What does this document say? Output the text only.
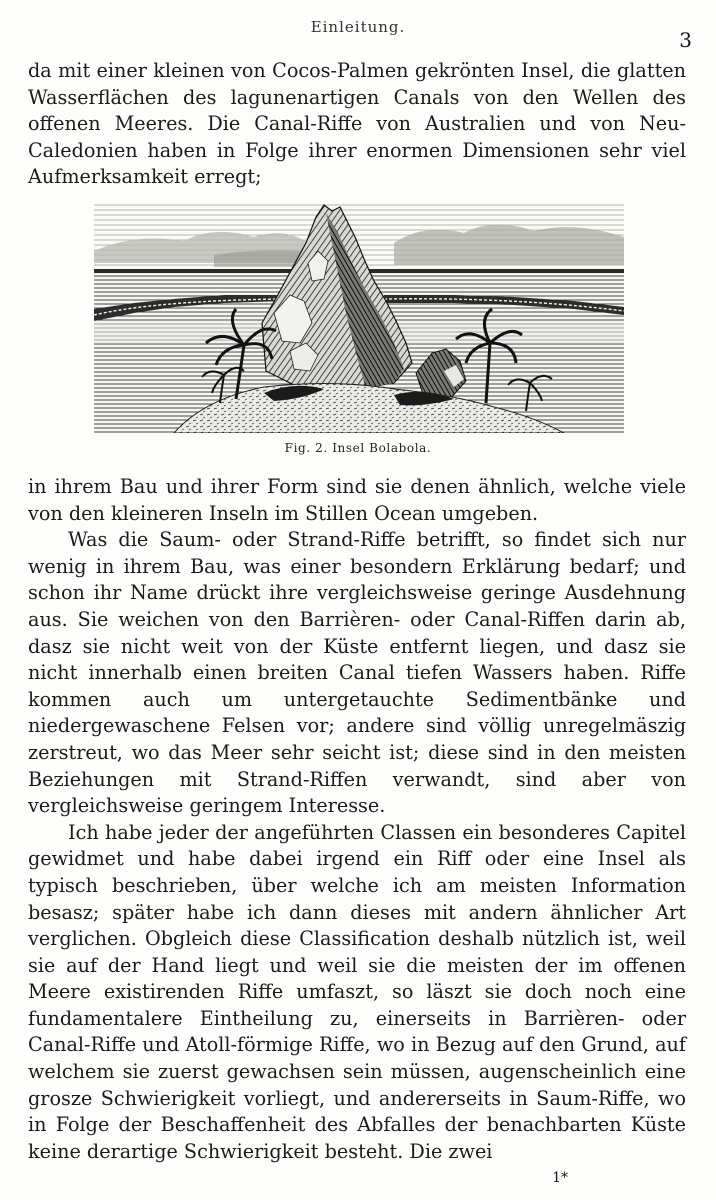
Einleitung.
3

da mit einer kleinen von Cocos-Palmen gekrönten Insel, die glatten Wasserflächen des lagunenartigen Canals von den Wellen des offenen Meeres. Die Canal-Riffe von Australien und von Neu-Caledonien haben in Folge ihrer enormen Dimensionen sehr viel Aufmerksamkeit erregt;

Fig. 2. Insel Bolabola.

in ihrem Bau und ihrer Form sind sie denen ähnlich, welche viele von den kleineren Inseln im Stillen Ocean umgeben.

Was die Saum- oder Strand-Riffe betrifft, so findet sich nur wenig in ihrem Bau, was einer besondern Erklärung bedarf; und schon ihr Name drückt ihre vergleichsweise geringe Ausdehnung aus. Sie weichen von den Barrièren- oder Canal-Riffen darin ab, dasz sie nicht weit von der Küste entfernt liegen, und dasz sie nicht innerhalb einen breiten Canal tiefen Wassers haben. Riffe kommen auch um untergetauchte Sedimentbänke und niedergewaschene Felsen vor; andere sind völlig unregelmäszig zerstreut, wo das Meer sehr seicht ist; diese sind in den meisten Beziehungen mit Strand-Riffen verwandt, sind aber von vergleichsweise geringem Interesse.

Ich habe jeder der angeführten Classen ein besonderes Capitel gewidmet und habe dabei irgend ein Riff oder eine Insel als typisch beschrieben, über welche ich am meisten Information besasz; später habe ich dann dieses mit andern ähnlicher Art verglichen. Obgleich diese Classification deshalb nützlich ist, weil sie auf der Hand liegt und weil sie die meisten der im offenen Meere existirenden Riffe umfaszt, so läszt sie doch noch eine fundamentalere Eintheilung zu, einerseits in Barrièren- oder Canal-Riffe und Atoll-förmige Riffe, wo in Bezug auf den Grund, auf welchem sie zuerst gewachsen sein müssen, augenscheinlich eine grosze Schwierigkeit vorliegt, und andererseits in Saum-Riffe, wo in Folge der Beschaffenheit des Abfalles der benachbarten Küste keine derartige Schwierigkeit besteht. Die zwei

1*
